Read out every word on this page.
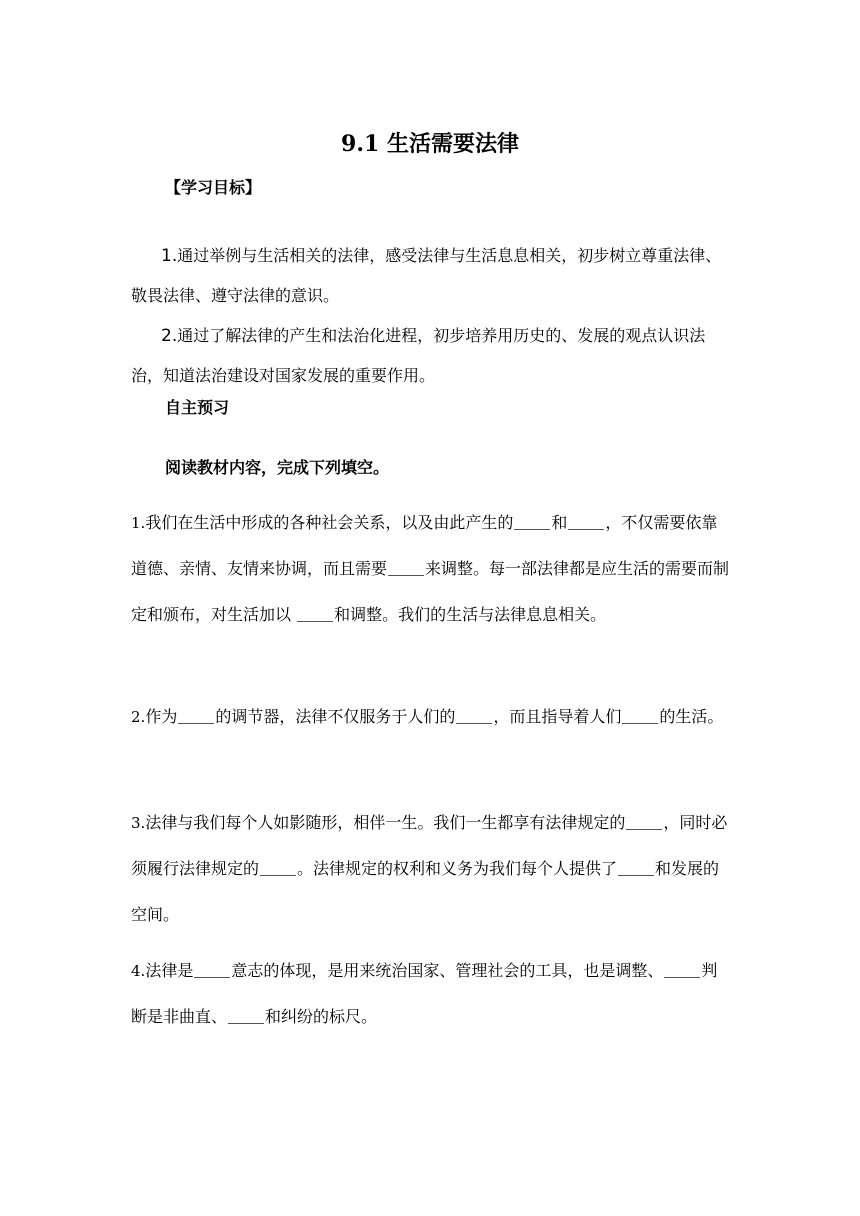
9.1 生活需要法律
【学习目标】

1.通过举例与生活相关的法律，感受法律与生活息息相关，初步树立尊重法律、敬畏法律、遵守法律的意识。

2.通过了解法律的产生和法治化进程，初步培养用历史的、发展的观点认识法治，知道法治建设对国家发展的重要作用。

自主预习
阅读教材内容，完成下列填空。

1.我们在生活中形成的各种社会关系，以及由此产生的 和 ，不仅需要依靠道德、亲情、友情来协调，而且需要 来调整。每一部法律都是应生活的需要而制定和颁布，对生活加以 和调整。我们的生活与法律息息相关。

2.作为 的调节器，法律不仅服务于人们的 ，而且指导着人们 的生活。

3.法律与我们每个人如影随形，相伴一生。我们一生都享有法律规定的 ，同时必须履行法律规定的 。法律规定的权利和义务为我们每个人提供了 和发展的空间。

4.法律是 意志的体现，是用来统治国家、管理社会的工具，也是调整、 判断是非曲直、 和纠纷的标尺。
